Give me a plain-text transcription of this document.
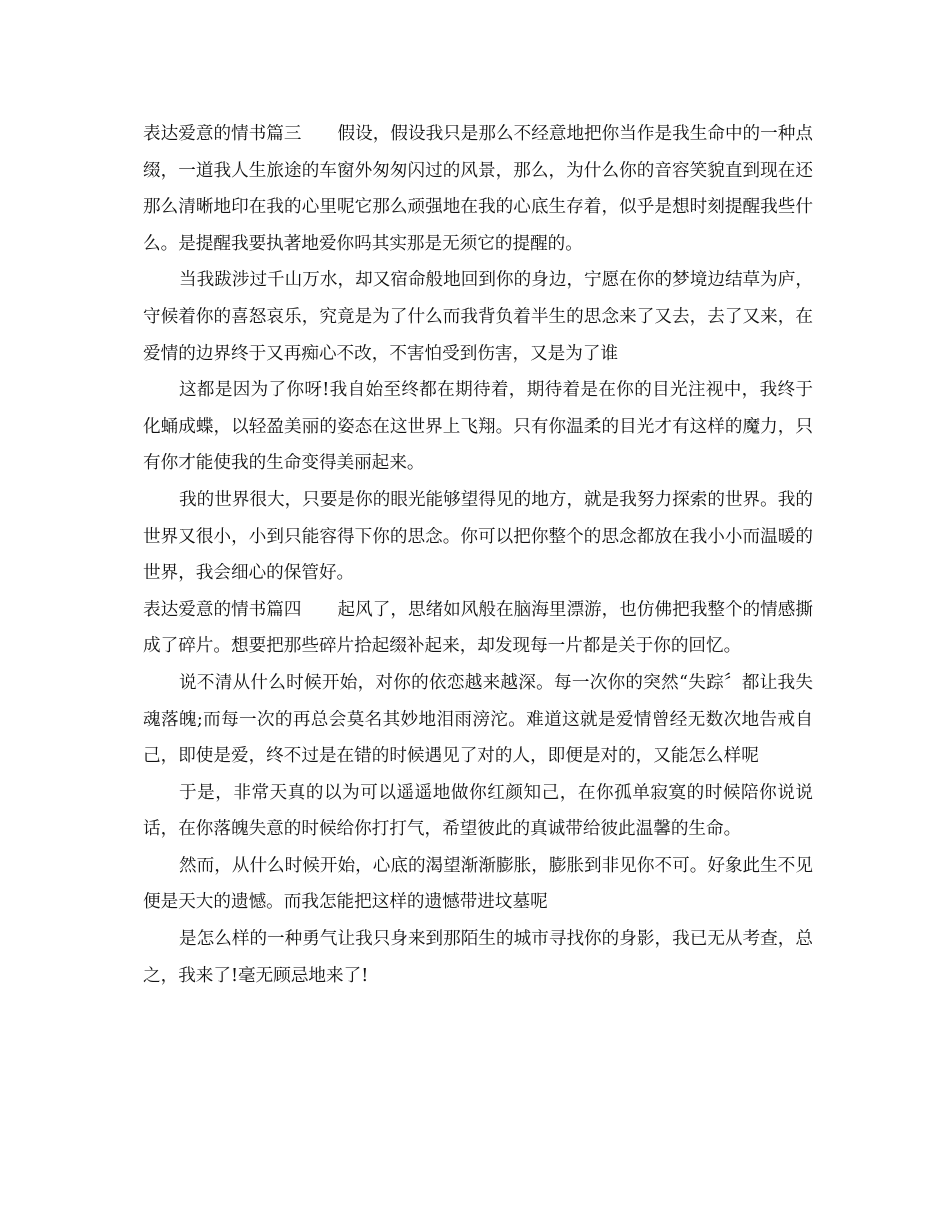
表达爱意的情书篇三 假设，假设我只是那么不经意地把你当作是我生命中的一种点缀，一道我人生旅途的车窗外匆匆闪过的风景，那么，为什么你的音容笑貌直到现在还那么清晰地印在我的心里呢它那么顽强地在我的心底生存着，似乎是想时刻提醒我些什么。是提醒我要执著地爱你吗其实那是无须它的提醒的。

当我跋涉过千山万水，却又宿命般地回到你的身边，宁愿在你的梦境边结草为庐，守候着你的喜怒哀乐，究竟是为了什么而我背负着半生的思念来了又去，去了又来，在爱情的边界终于又再痴心不改，不害怕受到伤害，又是为了谁

这都是因为了你呀!我自始至终都在期待着，期待着是在你的目光注视中，我终于化蛹成蝶，以轻盈美丽的姿态在这世界上飞翔。只有你温柔的目光才有这样的魔力，只有你才能使我的生命变得美丽起来。

我的世界很大，只要是你的眼光能够望得见的地方，就是我努力探索的世界。我的世界又很小，小到只能容得下你的思念。你可以把你整个的思念都放在我小小而温暖的世界，我会细心的保管好。

表达爱意的情书篇四 起风了，思绪如风般在脑海里漂游，也仿佛把我整个的情感撕成了碎片。想要把那些碎片拾起缀补起来，却发现每一片都是关于你的回忆。

说不清从什么时候开始，对你的依恋越来越深。每一次你的突然“失踪〞都让我失魂落魄;而每一次的再总会莫名其妙地泪雨滂沱。难道这就是爱情曾经无数次地告戒自己，即使是爱，终不过是在错的时候遇见了对的人，即便是对的，又能怎么样呢

于是，非常天真的以为可以遥遥地做你红颜知己，在你孤单寂寞的时候陪你说说话，在你落魄失意的时候给你打打气，希望彼此的真诚带给彼此温馨的生命。

然而，从什么时候开始，心底的渴望渐渐膨胀，膨胀到非见你不可。好象此生不见便是天大的遗憾。而我怎能把这样的遗憾带进坟墓呢

是怎么样的一种勇气让我只身来到那陌生的城市寻找你的身影，我已无从考查，总之，我来了!毫无顾忌地来了!
